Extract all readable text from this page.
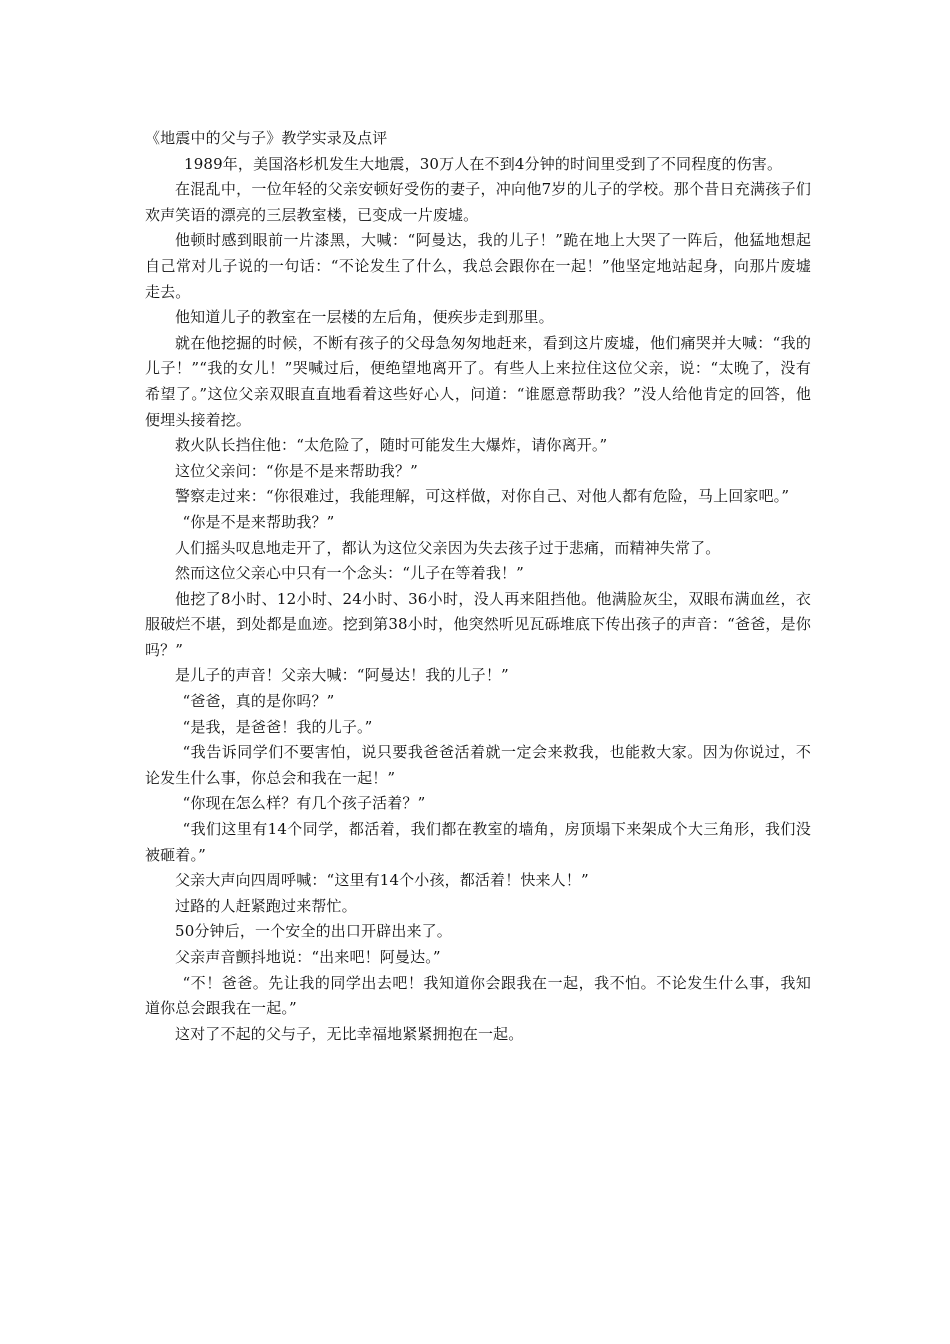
《地震中的父与子》教学实录及点评

1989年，美国洛杉机发生大地震，30万人在不到4分钟的时间里受到了不同程度的伤害。

在混乱中，一位年轻的父亲安顿好受伤的妻子，冲向他7岁的儿子的学校。那个昔日充满孩子们欢声笑语的漂亮的三层教室楼，已变成一片废墟。

他顿时感到眼前一片漆黑，大喊：“阿曼达，我的儿子！”跪在地上大哭了一阵后，他猛地想起自己常对儿子说的一句话：“不论发生了什么，我总会跟你在一起！”他坚定地站起身，向那片废墟走去。

他知道儿子的教室在一层楼的左后角，便疾步走到那里。

就在他挖掘的时候，不断有孩子的父母急匆匆地赶来，看到这片废墟，他们痛哭并大喊：“我的儿子！”“我的女儿！”哭喊过后，便绝望地离开了。有些人上来拉住这位父亲，说：“太晚了，没有希望了。”这位父亲双眼直直地看着这些好心人，问道：“谁愿意帮助我？”没人给他肯定的回答，他便埋头接着挖。

救火队长挡住他：“太危险了，随时可能发生大爆炸，请你离开。”

这位父亲问：“你是不是来帮助我？”

警察走过来：“你很难过，我能理解，可这样做，对你自己、对他人都有危险，马上回家吧。”

“你是不是来帮助我？”

人们摇头叹息地走开了，都认为这位父亲因为失去孩子过于悲痛，而精神失常了。

然而这位父亲心中只有一个念头：“儿子在等着我！”

他挖了8小时、12小时、24小时、36小时，没人再来阻挡他。他满脸灰尘，双眼布满血丝，衣服破烂不堪，到处都是血迹。挖到第38小时，他突然听见瓦砾堆底下传出孩子的声音：“爸爸，是你吗？”

是儿子的声音！父亲大喊：“阿曼达！我的儿子！”

“爸爸，真的是你吗？”

“是我，是爸爸！我的儿子。”

“我告诉同学们不要害怕，说只要我爸爸活着就一定会来救我，也能救大家。因为你说过，不论发生什么事，你总会和我在一起！”

“你现在怎么样？有几个孩子活着？”

“我们这里有14个同学，都活着，我们都在教室的墙角，房顶塌下来架成个大三角形，我们没被砸着。”

父亲大声向四周呼喊：“这里有14个小孩，都活着！快来人！”

过路的人赶紧跑过来帮忙。

50分钟后，一个安全的出口开辟出来了。

父亲声音颤抖地说：“出来吧！阿曼达。”

“不！爸爸。先让我的同学出去吧！我知道你会跟我在一起，我不怕。不论发生什么事，我知道你总会跟我在一起。”

这对了不起的父与子，无比幸福地紧紧拥抱在一起。
